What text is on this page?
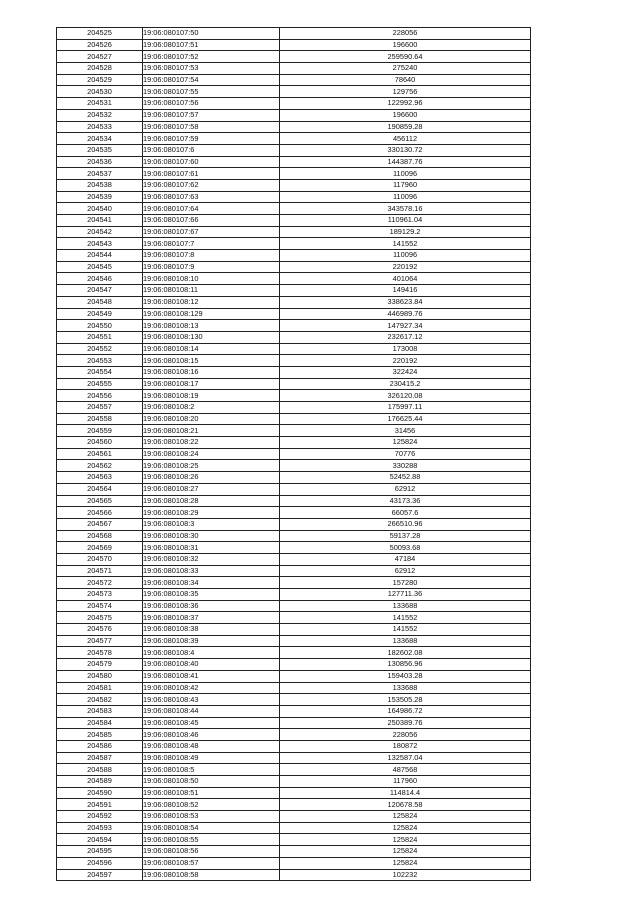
204525	19:06:080107:50	228056
204526	19:06:080107:51	196600
204527	19:06:080107:52	259590.64
204528	19:06:080107:53	275240
204529	19:06:080107:54	78640
204530	19:06:080107:55	129756
204531	19:06:080107:56	122992.96
204532	19:06:080107:57	196600
204533	19:06:080107:58	190859.28
204534	19:06:080107:59	456112
204535	19:06:080107:6	330130.72
204536	19:06:080107:60	144387.76
204537	19:06:080107:61	110096
204538	19:06:080107:62	117960
204539	19:06:080107:63	110096
204540	19:06:080107:64	343578.16
204541	19:06:080107:66	110961.04
204542	19:06:080107:67	189129.2
204543	19:06:080107:7	141552
204544	19:06:080107:8	110096
204545	19:06:080107:9	220192
204546	19:06:080108:10	401064
204547	19:06:080108:11	149416
204548	19:06:080108:12	338623.84
204549	19:06:080108:129	446989.76
204550	19:06:080108:13	147927.34
204551	19:06:080108:130	232617.12
204552	19:06:080108:14	173008
204553	19:06:080108:15	220192
204554	19:06:080108:16	322424
204555	19:06:080108:17	230415.2
204556	19:06:080108:19	326120.08
204557	19:06:080108:2	175997.11
204558	19:06:080108:20	176625.44
204559	19:06:080108:21	31456
204560	19:06:080108:22	125824
204561	19:06:080108:24	70776
204562	19:06:080108:25	330288
204563	19:06:080108:26	52452.88
204564	19:06:080108:27	62912
204565	19:06:080108:28	43173.36
204566	19:06:080108:29	66057.6
204567	19:06:080108:3	266510.96
204568	19:06:080108:30	59137.28
204569	19:06:080108:31	50093.68
204570	19:06:080108:32	47184
204571	19:06:080108:33	62912
204572	19:06:080108:34	157280
204573	19:06:080108:35	127711.36
204574	19:06:080108:36	133688
204575	19:06:080108:37	141552
204576	19:06:080108:38	141552
204577	19:06:080108:39	133688
204578	19:06:080108:4	182602.08
204579	19:06:080108:40	130856.96
204580	19:06:080108:41	159403.28
204581	19:06:080108:42	133688
204582	19:06:080108:43	153505.28
204583	19:06:080108:44	164986.72
204584	19:06:080108:45	250389.76
204585	19:06:080108:46	228056
204586	19:06:080108:48	180872
204587	19:06:080108:49	132587.04
204588	19:06:080108:5	487568
204589	19:06:080108:50	117960
204590	19:06:080108:51	114814.4
204591	19:06:080108:52	120678.58
204592	19:06:080108:53	125824
204593	19:06:080108:54	125824
204594	19:06:080108:55	125824
204595	19:06:080108:56	125824
204596	19:06:080108:57	125824
204597	19:06:080108:58	102232
